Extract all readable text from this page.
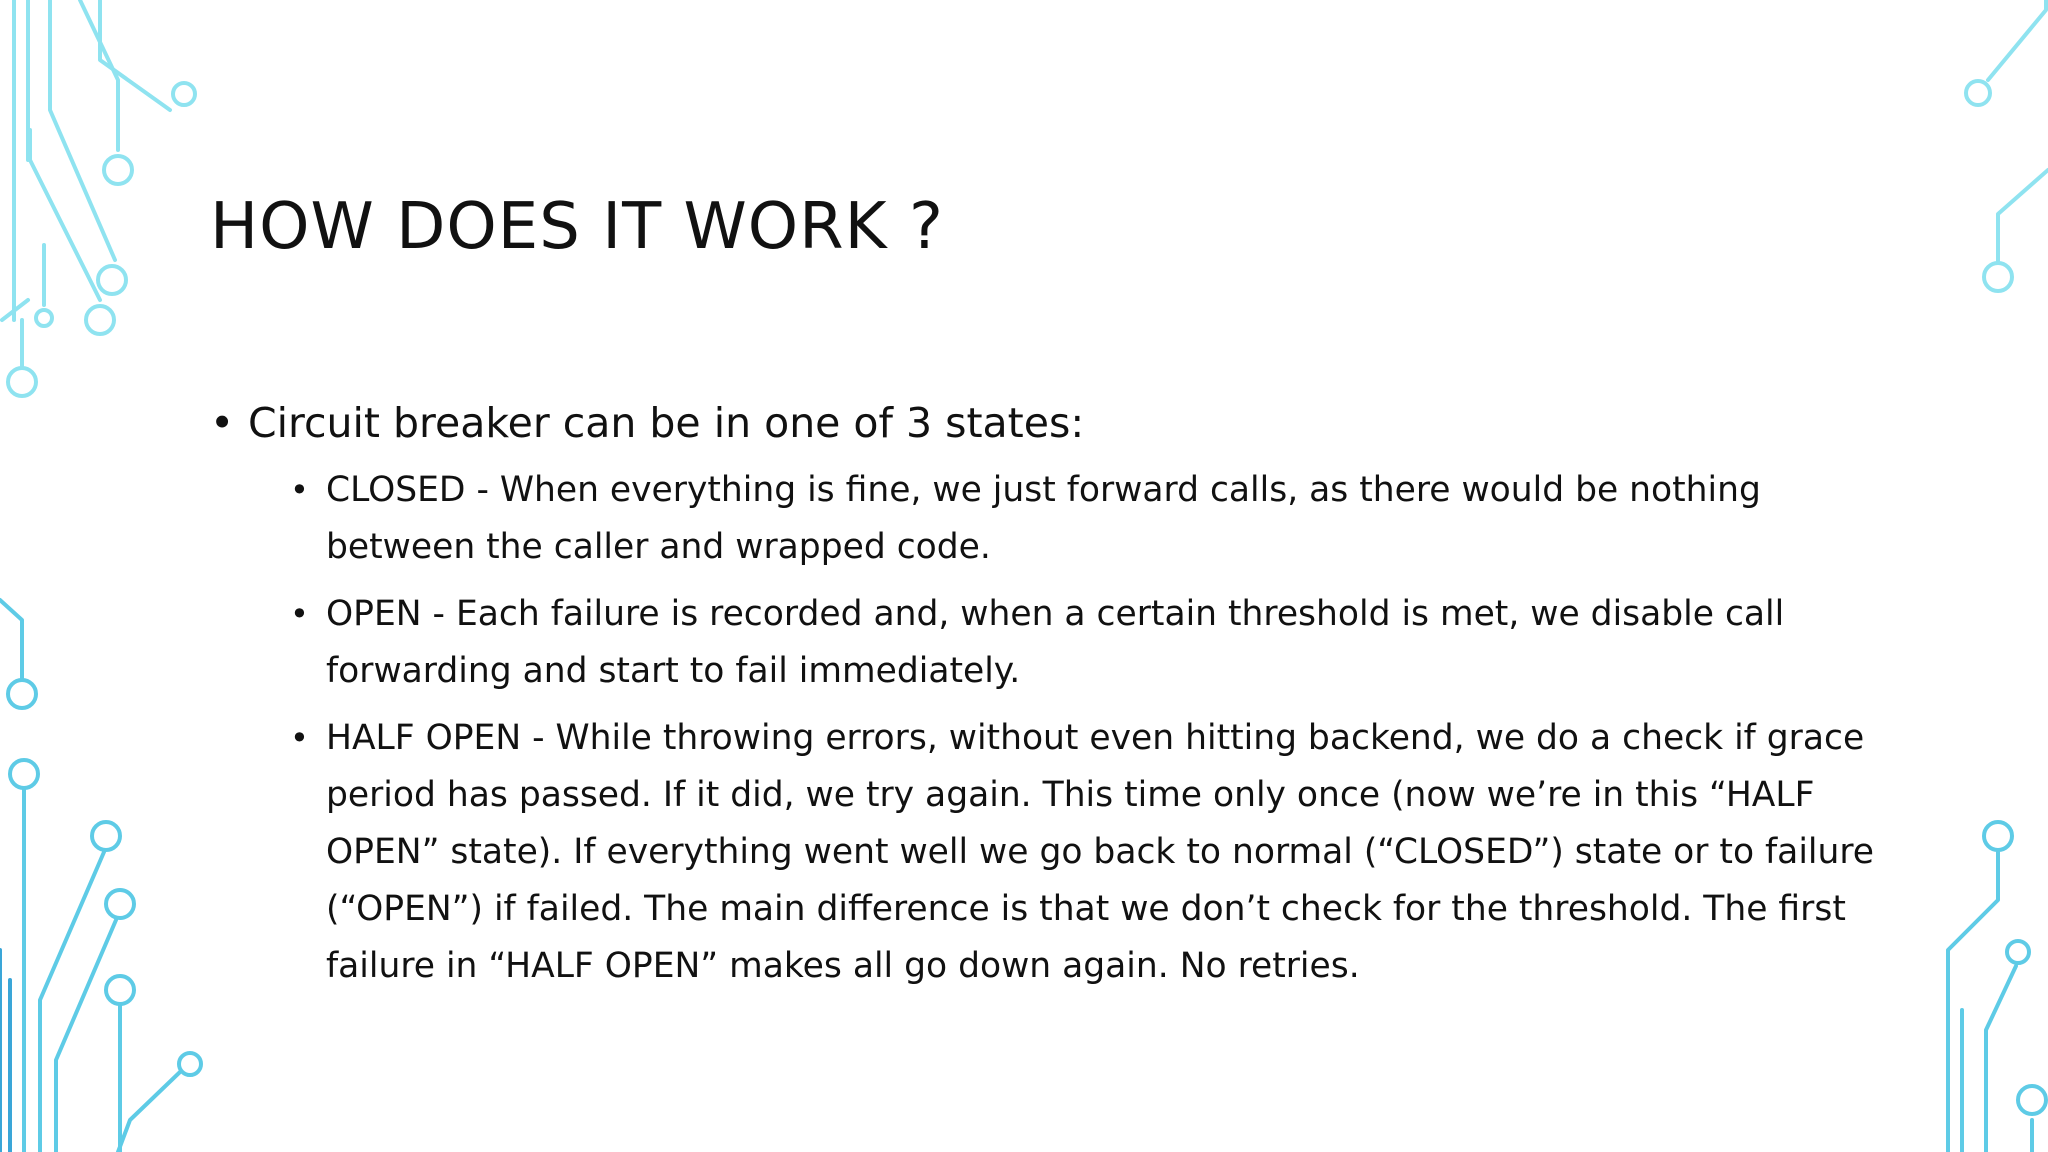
HOW DOES IT WORK ?
• Circuit breaker can be in one of 3 states:
• CLOSED - When everything is fine, we just forward calls, as there would be nothing between the caller and wrapped code.
• OPEN - Each failure is recorded and, when a certain threshold is met, we disable call forwarding and start to fail immediately.
• HALF OPEN - While throwing errors, without even hitting backend, we do a check if grace period has passed. If it did, we try again. This time only once (now we’re in this “HALF OPEN” state). If everything went well we go back to normal (“CLOSED”) state or to failure (“OPEN”) if failed. The main difference is that we don’t check for the threshold. The first failure in “HALF OPEN” makes all go down again. No retries.
